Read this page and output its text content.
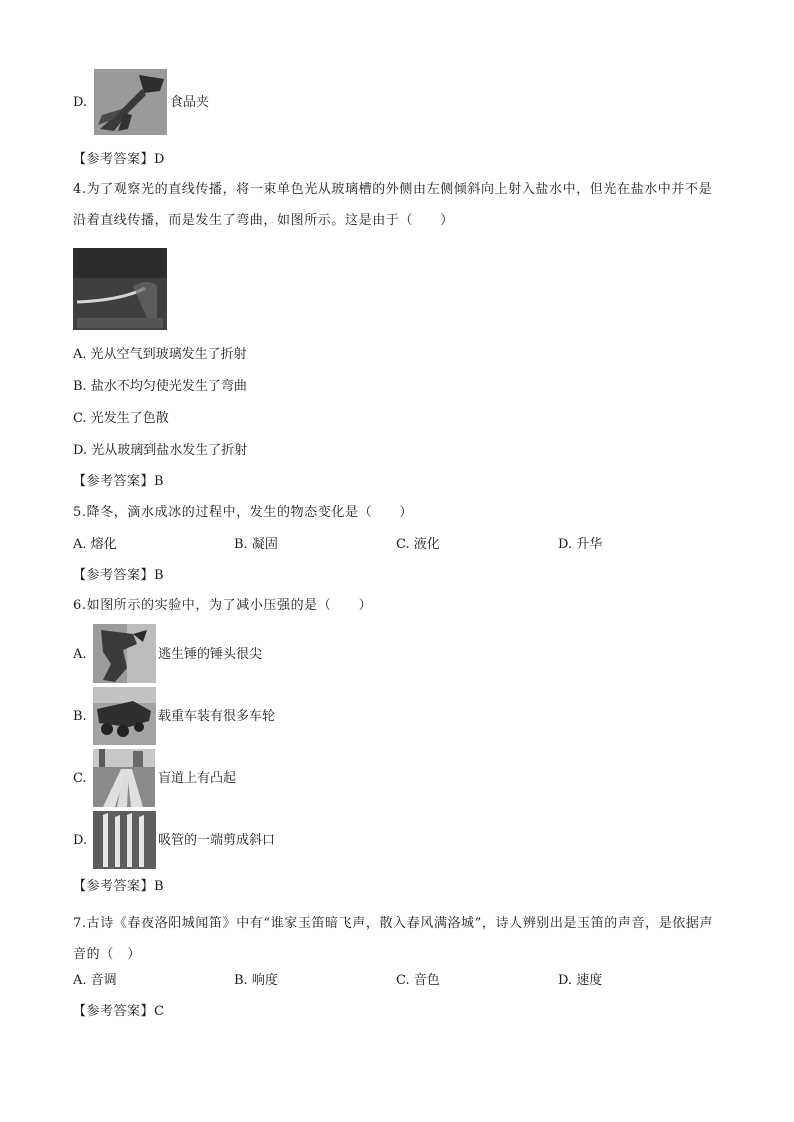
D.	食品夹
【参考答案】D
4.为了观察光的直线传播，将一束单色光从玻璃槽的外侧由左侧倾斜向上射入盐水中，但光在盐水中并不是沿着直线传播，而是发生了弯曲，如图所示。这是由于（　　）
A. 光从空气到玻璃发生了折射
B. 盐水不均匀使光发生了弯曲
C. 光发生了色散
D. 光从玻璃到盐水发生了折射
【参考答案】B
5.降冬，滴水成冰的过程中，发生的物态变化是（　　）
A. 熔化	B. 凝固	C. 液化	D. 升华
【参考答案】B
6.如图所示的实验中，为了减小压强的是（　　）
A.	逃生锤的锤头很尖
B.	载重车装有很多车轮
C.	盲道上有凸起
D.	吸管的一端剪成斜口
【参考答案】B
7.古诗《春夜洛阳城闻笛》中有“谁家玉笛暗飞声，散入春风满洛城”，诗人辨别出是玉笛的声音，是依据声音的（　）
A. 音调	B. 响度	C. 音色	D. 速度
【参考答案】C
